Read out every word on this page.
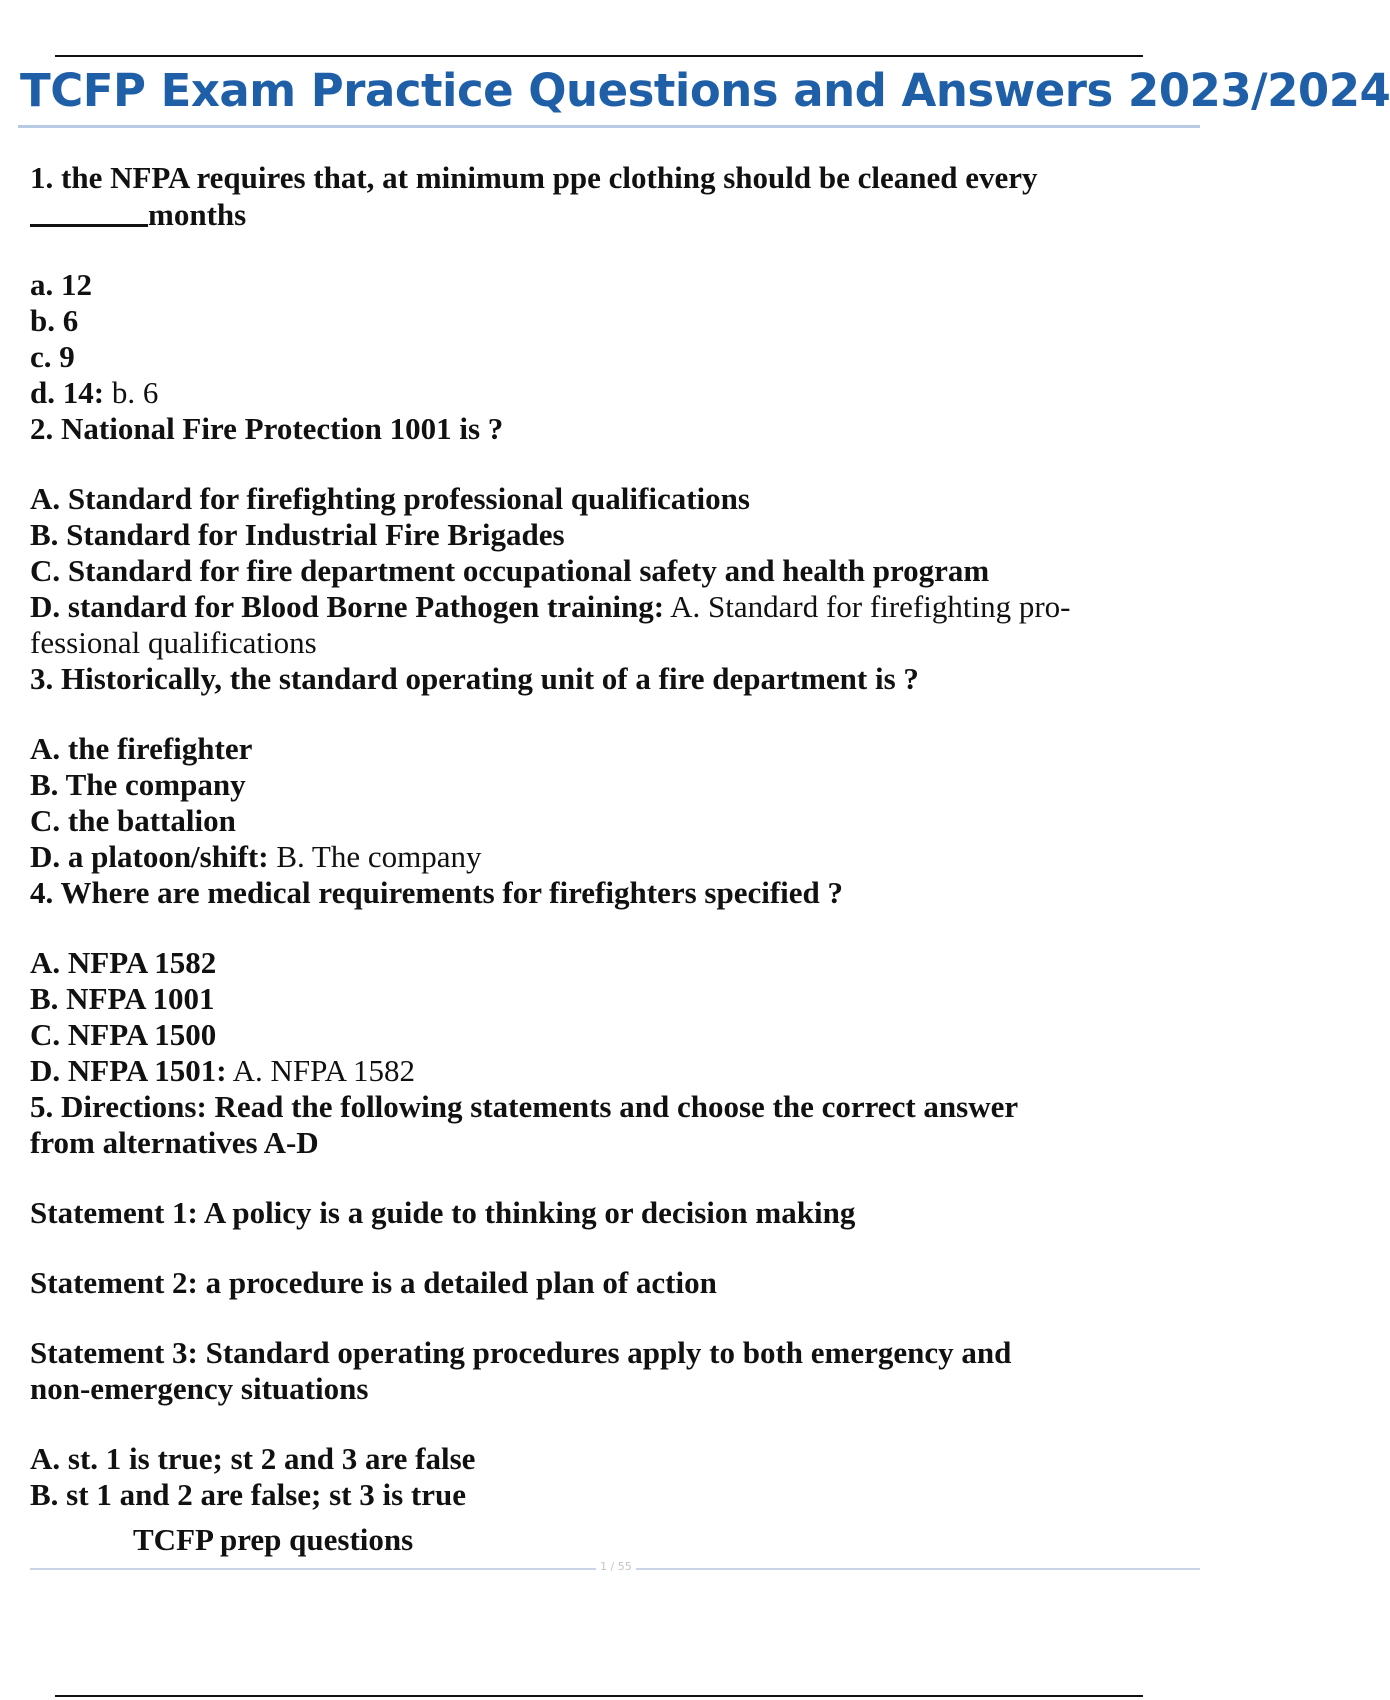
TCFP Exam Practice Questions and Answers 2023/2024
1. the NFPA requires that, at minimum ppe clothing should be cleaned every
months
a. 12
b. 6
c. 9
d. 14: b. 6
2. National Fire Protection 1001 is ?
A. Standard for firefighting professional qualifications
B. Standard for Industrial Fire Brigades
C. Standard for fire department occupational safety and health program
D. standard for Blood Borne Pathogen training: A. Standard for firefighting pro-
fessional qualifications
3. Historically, the standard operating unit of a fire department is ?
A. the firefighter
B. The company
C. the battalion
D. a platoon/shift: B. The company
4. Where are medical requirements for firefighters specified ?
A. NFPA 1582
B. NFPA 1001
C. NFPA 1500
D. NFPA 1501: A. NFPA 1582
5. Directions: Read the following statements and choose the correct answer
from alternatives A-D
Statement 1: A policy is a guide to thinking or decision making
Statement 2: a procedure is a detailed plan of action
Statement 3: Standard operating procedures apply to both emergency and
non-emergency situations
A. st. 1 is true; st 2 and 3 are false
B. st 1 and 2 are false; st 3 is true
TCFP prep questions
1 / 55
